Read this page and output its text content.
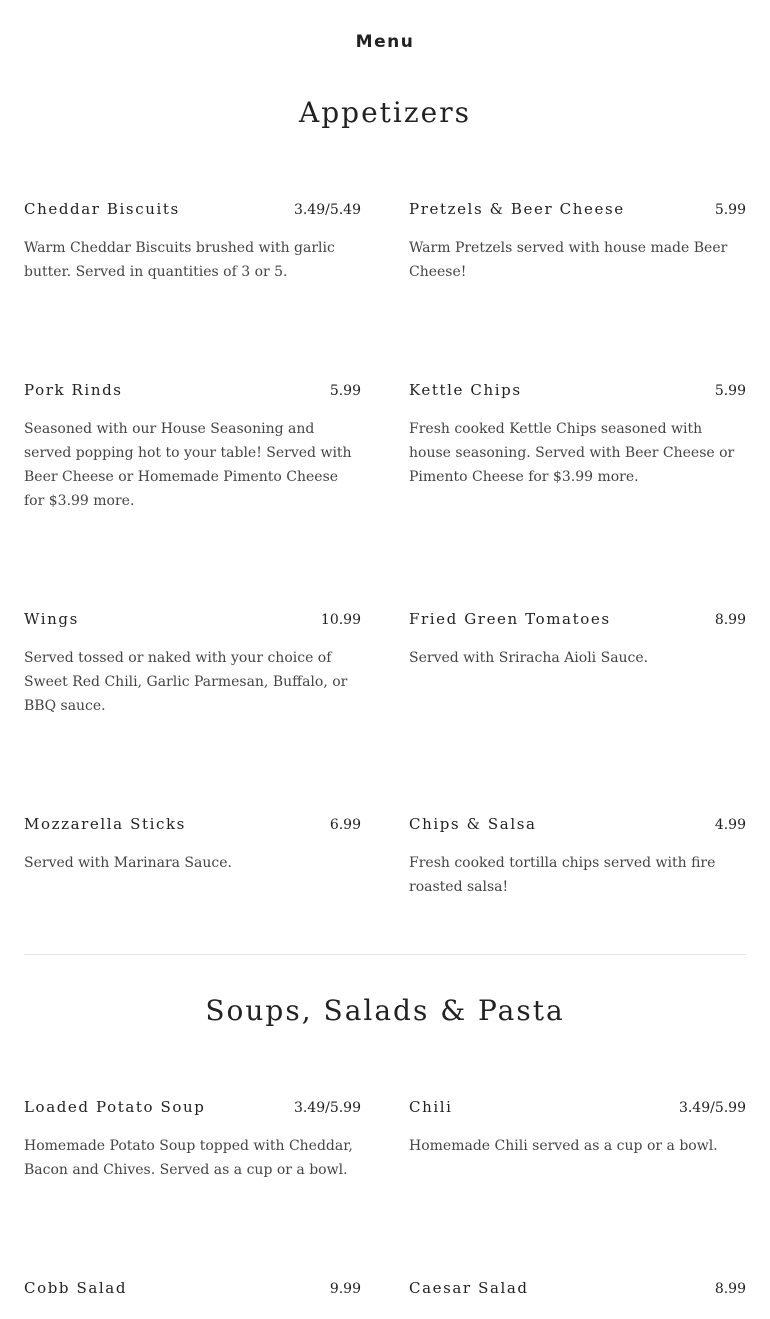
Menu
Appetizers
Cheddar Biscuits	3.49/5.49
Warm Cheddar Biscuits brushed with garlic butter. Served in quantities of 3 or 5.
Pretzels & Beer Cheese	5.99
Warm Pretzels served with house made Beer Cheese!
Pork Rinds	5.99
Seasoned with our House Seasoning and served popping hot to your table! Served with Beer Cheese or Homemade Pimento Cheese for $3.99 more.
Kettle Chips	5.99
Fresh cooked Kettle Chips seasoned with house seasoning. Served with Beer Cheese or Pimento Cheese for $3.99 more.
Wings	10.99
Served tossed or naked with your choice of Sweet Red Chili, Garlic Parmesan, Buffalo, or BBQ sauce.
Fried Green Tomatoes	8.99
Served with Sriracha Aioli Sauce.
Mozzarella Sticks	6.99
Served with Marinara Sauce.
Chips & Salsa	4.99
Fresh cooked tortilla chips served with fire roasted salsa!
Soups, Salads & Pasta
Loaded Potato Soup	3.49/5.99
Homemade Potato Soup topped with Cheddar, Bacon and Chives. Served as a cup or a bowl.
Chili	3.49/5.99
Homemade Chili served as a cup or a bowl.
Cobb Salad	9.99	Caesar Salad	8.99
